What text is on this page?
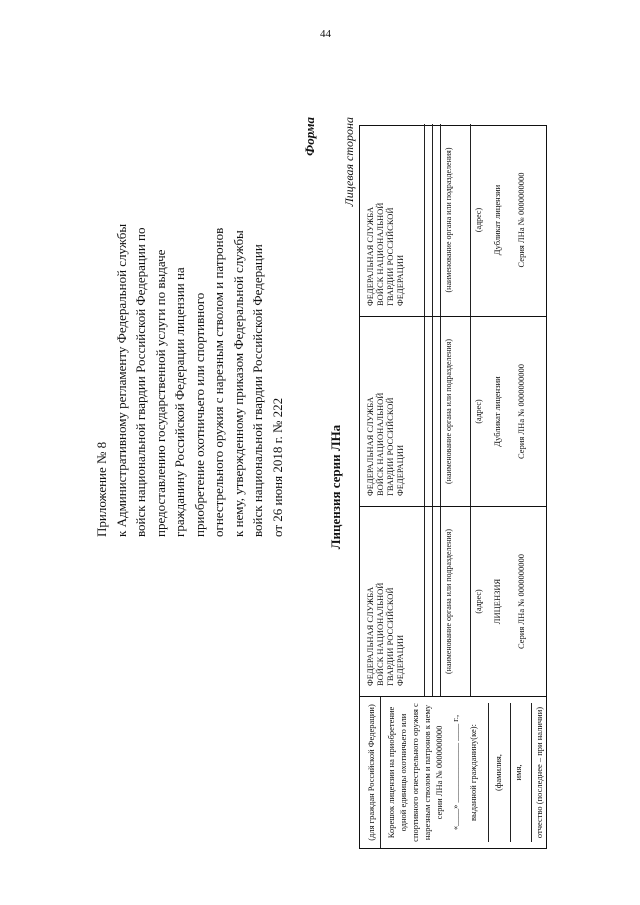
44
Приложение № 8 к Административному регламенту Федеральной службы войск национальной гвардии Российской Федерации по предоставлению государственной услуги по выдаче гражданину Российской Федерации лицензии на приобретение охотничьего или спортивного огнестрельного оружия с нарезным стволом и патронов к нему, утвержденному приказом Федеральной службы войск национальной гвардии Российской Федерации от 26 июня 2018 г. № 222
Форма
Лицензия серии ЛНа
Лицевая сторона
(для граждан Российской Федерации) Корешок лицензии на приобретение одной единицы охотничьего или спортивного огнестрельного оружия с нарезным стволом и патронов к нему серии ЛНа № 0000000000 «____» ______________ ____ г., выданной гражданину(ке): (фамилия, имя, отчество (последнее – при наличии)
ФЕДЕРАЛЬНАЯ СЛУЖБА ВОЙСК НАЦИОНАЛЬНОЙ ГВАРДИИ РОССИЙСКОЙ ФЕДЕРАЦИИ	(наименование органа или подразделения)	(адрес) ЛИЦЕНЗИЯ Серия ЛНа № 0000000000
ФЕДЕРАЛЬНАЯ СЛУЖБА ВОЙСК НАЦИОНАЛЬНОЙ ГВАРДИИ РОССИЙСКОЙ ФЕДЕРАЦИИ	(наименование органа или подразделения)	(адрес) Дубликат лицензии Серия ЛНа № 0000000000
ФЕДЕРАЛЬНАЯ СЛУЖБА ВОЙСК НАЦИОНАЛЬНОЙ ГВАРДИИ РОССИЙСКОЙ ФЕДЕРАЦИИ	(наименование органа или подразделения)	(адрес) Дубликат лицензии Серия ЛНа № 0000000000
